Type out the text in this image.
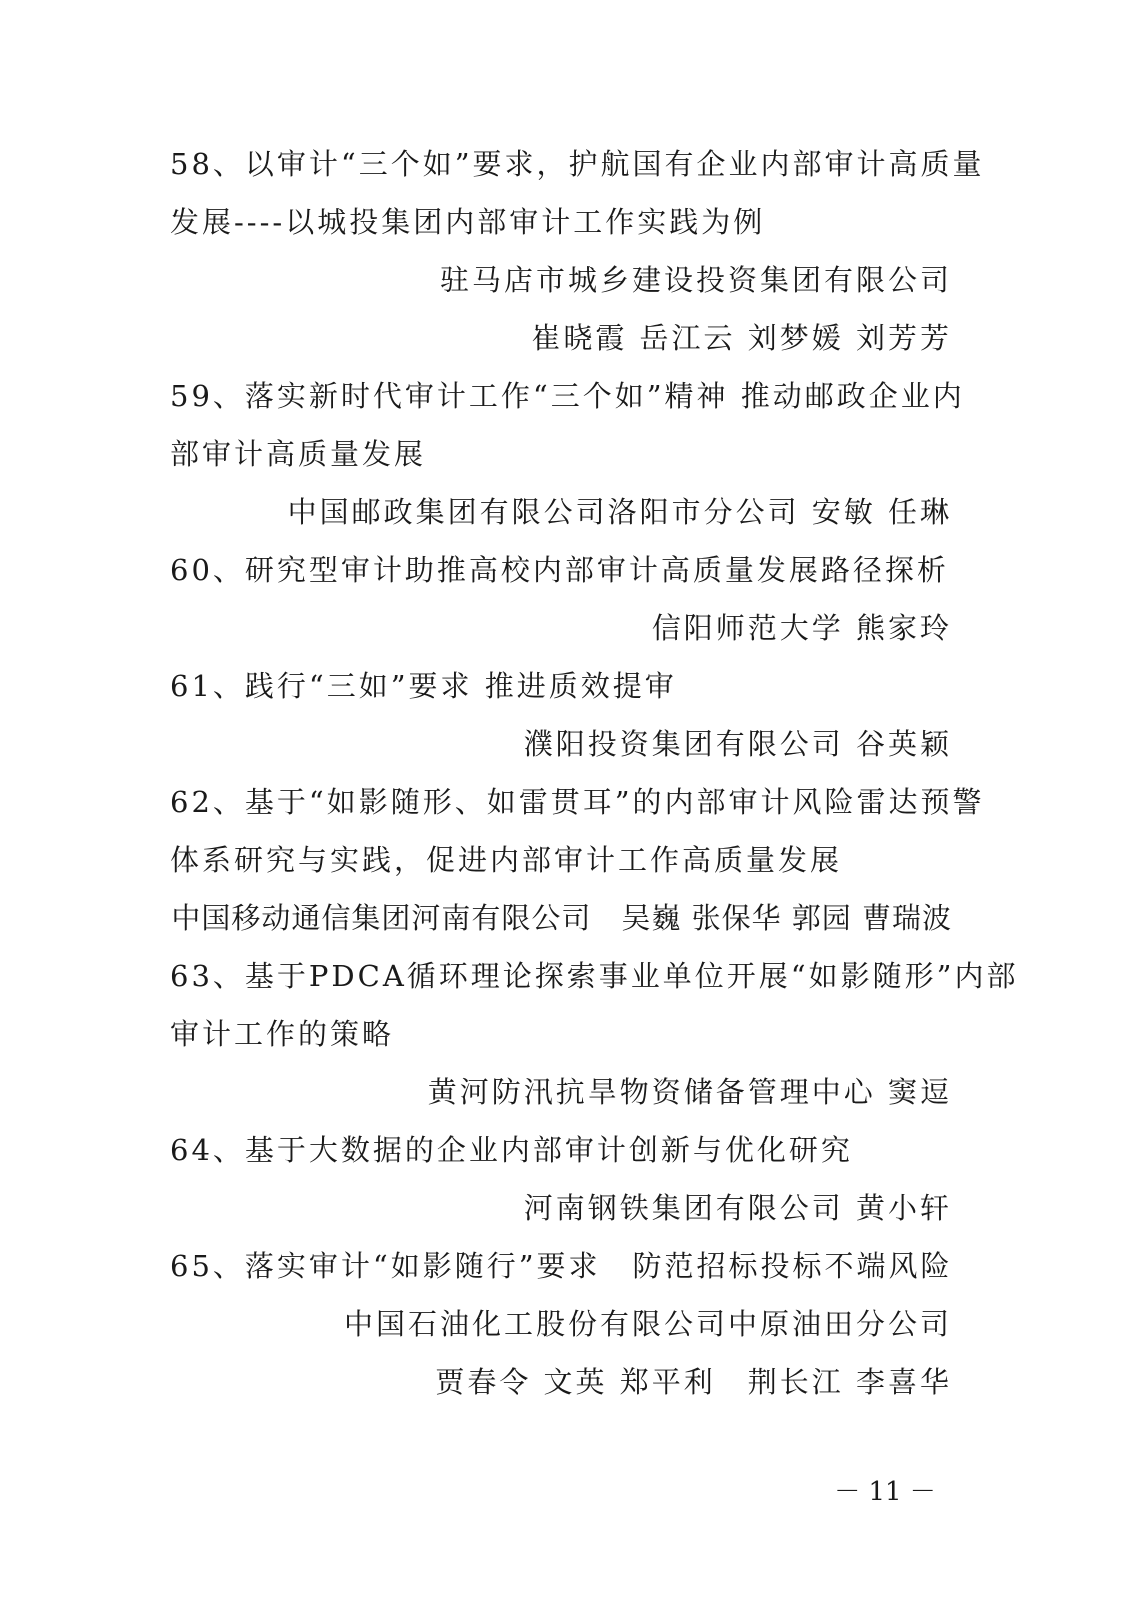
58、以审计“三个如”要求，护航国有企业内部审计高质量
发展----以城投集团内部审计工作实践为例
驻马店市城乡建设投资集团有限公司
崔晓霞 岳江云 刘梦媛 刘芳芳
59、落实新时代审计工作“三个如”精神 推动邮政企业内
部审计高质量发展
中国邮政集团有限公司洛阳市分公司 安敏 任琳
60、研究型审计助推高校内部审计高质量发展路径探析
信阳师范大学 熊家玲
61、践行“三如”要求 推进质效提审
濮阳投资集团有限公司 谷英颖
62、基于“如影随形、如雷贯耳”的内部审计风险雷达预警
体系研究与实践，促进内部审计工作高质量发展
中国移动通信集团河南有限公司　吴巍 张保华 郭园 曹瑞波
63、基于PDCA循环理论探索事业单位开展“如影随形”内部
审计工作的策略
黄河防汛抗旱物资储备管理中心 窦逗
64、基于大数据的企业内部审计创新与优化研究
河南钢铁集团有限公司 黄小轩
65、落实审计“如影随行”要求　防范招标投标不端风险
中国石油化工股份有限公司中原油田分公司
贾春令 文英 郑平利　荆长江 李喜华
－ 11 －
